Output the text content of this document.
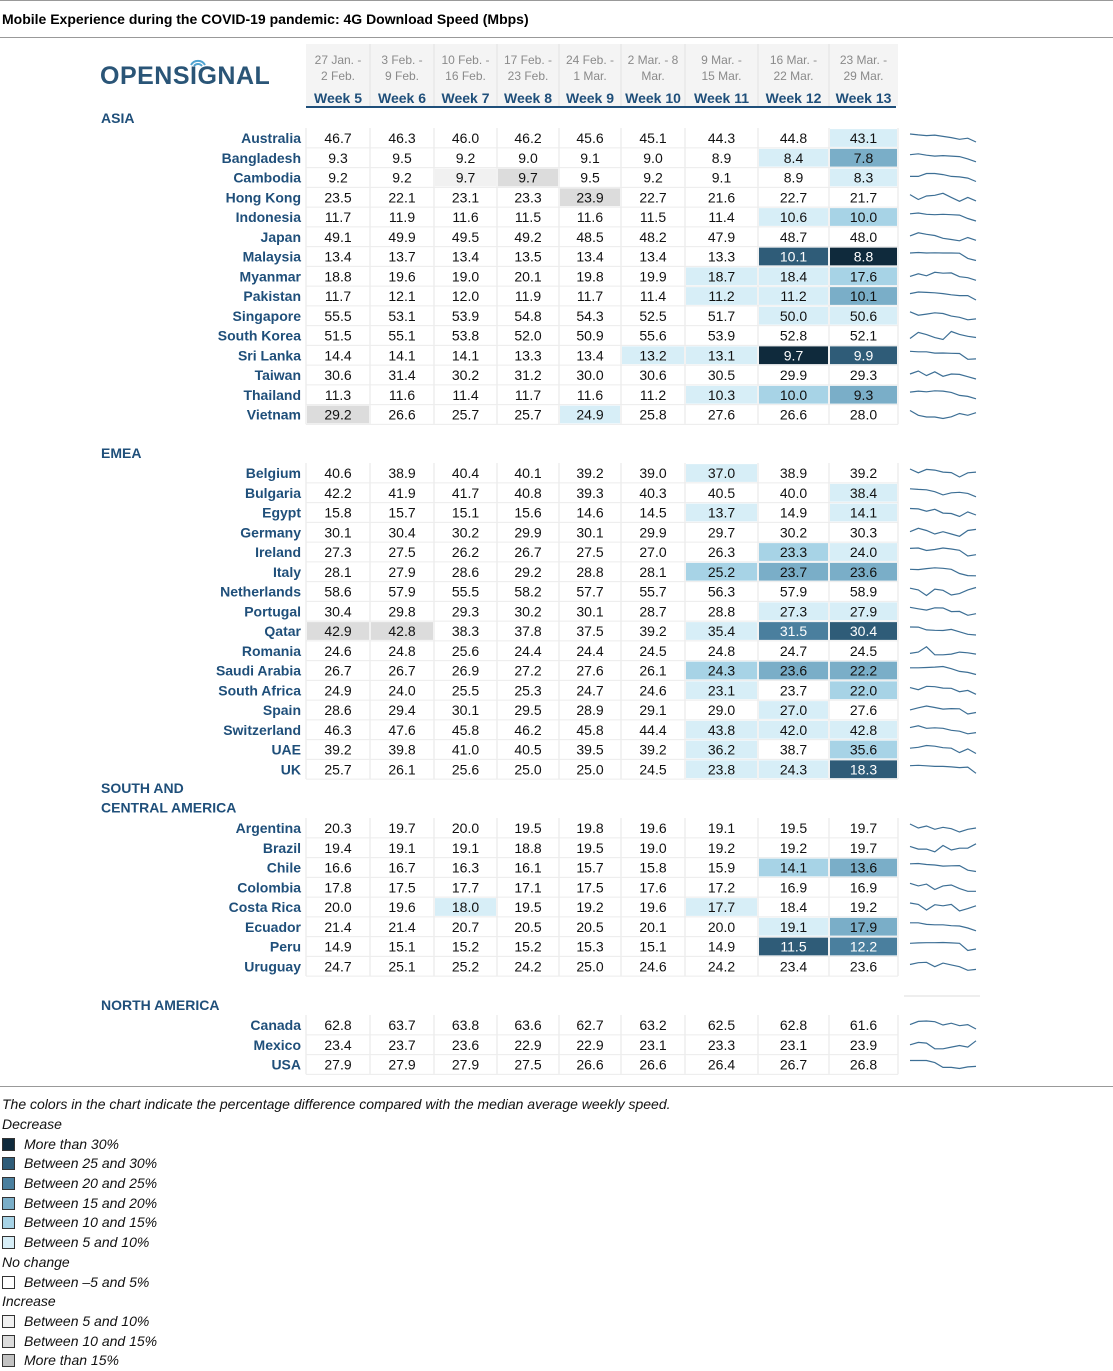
Mobile Experience during the COVID-19 pandemic: 4G Download Speed (Mbps)
OPENSIGNAL
27 Jan. -
2 Feb.
Week 5
3 Feb. -
9 Feb.
Week 6
10 Feb. -
16 Feb.
Week 7
17 Feb. -
23 Feb.
Week 8
24 Feb. -
1 Mar.
Week 9
2 Mar. - 8
Mar.
Week 10
9 Mar. -
15 Mar.
Week 11
16 Mar. -
22 Mar.
Week 12
23 Mar. -
29 Mar.
Week 13
ASIA
Australia 46.7	46.3	46.0	46.2 45.6	45.1	44.3	44.8	43.1
Bangladesh 9.3	9.5	9.2	9.0	9.1	9.0	8.9	8.4	7.8
Cambodia 9.2	9.2	9.7	9.7	9.5	9.2	9.1	8.9	8.3
Hong Kong 23.5	22.1	23.1	23.3 23.9	22.7	21.6	22.7	21.7
Indonesia 11.7	11.9	11.6	11.5	11.6	11.5	11.4	10.6	10.0
Japan 49.1	49.9	49.5	49.2 48.5	48.2	47.9	48.7	48.0
Malaysia 13.4	13.7	13.4	13.5 13.4	13.4	13.3	10.1	8.8
Myanmar 18.8	19.6	19.0	20.1 19.8	19.9	18.7	18.4	17.6
Pakistan 11.7	12.1	12.0	11.9	11.7	11.4	11.2	11.2	10.1
Singapore 55.5	53.1	53.9	54.8 54.3	52.5	51.7	50.0	50.6
South Korea 51.5	55.1	53.8	52.0 50.9	55.6	53.9	52.8	52.1
Sri Lanka 14.4	14.1	14.1	13.3 13.4	13.2	13.1	9.7	9.9
Taiwan 30.6	31.4	30.2	31.2 30.0	30.6	30.5	29.9	29.3
Thailand 11.3	11.6	11.4	11.7	11.6	11.2	10.3	10.0	9.3
Vietnam 29.2	26.6	25.7	25.7 24.9	25.8	27.6	26.6	28.0
EMEA
Belgium 40.6	38.9	40.4	40.1 39.2	39.0	37.0	38.9	39.2
Bulgaria 42.2	41.9	41.7	40.8 39.3	40.3	40.5	40.0	38.4
Egypt 15.8	15.7	15.1	15.6 14.6	14.5	13.7	14.9	14.1
Germany 30.1	30.4	30.2	29.9 30.1	29.9	29.7	30.2	30.3
Ireland 27.3	27.5	26.2	26.7 27.5	27.0	26.3	23.3	24.0
Italy 28.1	27.9	28.6	29.2 28.8	28.1	25.2	23.7	23.6
Netherlands 58.6	57.9	55.5	58.2 57.7	55.7	56.3	57.9	58.9
Portugal 30.4	29.8	29.3	30.2 30.1	28.7	28.8	27.3	27.9
Qatar 42.9	42.8	38.3	37.8 37.5	39.2	35.4	31.5	30.4
Romania 24.6	24.8	25.6	24.4 24.4	24.5	24.8	24.7	24.5
Saudi Arabia 26.7	26.7	26.9	27.2 27.6	26.1	24.3	23.6	22.2
South Africa 24.9	24.0	25.5	25.3 24.7	24.6	23.1	23.7	22.0
Spain 28.6	29.4	30.1	29.5 28.9	29.1	29.0	27.0	27.6
Switzerland 46.3	47.6	45.8	46.2 45.8	44.4	43.8	42.0	42.8
UAE 39.2	39.8	41.0	40.5 39.5	39.2	36.2	38.7	35.6
UK 25.7	26.1	25.6	25.0 25.0	24.5	23.8	24.3	18.3
SOUTH AND
CENTRAL AMERICA
Argentina 20.3	19.7	20.0	19.5 19.8	19.6	19.1	19.5	19.7
Brazil 19.4	19.1	19.1	18.8 19.5	19.0	19.2	19.2	19.7
Chile 16.6	16.7	16.3	16.1 15.7	15.8	15.9	14.1	13.6
Colombia 17.8	17.5	17.7	17.1 17.5	17.6	17.2	16.9	16.9
Costa Rica 20.0	19.6	18.0	19.5 19.2	19.6	17.7	18.4	19.2
Ecuador 21.4	21.4	20.7	20.5 20.5	20.1	20.0	19.1	17.9
Peru 14.9	15.1	15.2	15.2 15.3	15.1	14.9	11.5	12.2
Uruguay 24.7	25.1	25.2	24.2 25.0	24.6	24.2	23.4	23.6
NORTH AMERICA
Canada 62.8	63.7	63.8	63.6 62.7	63.2	62.5	62.8	61.6
Mexico 23.4	23.7	23.6	22.9 22.9	23.1	23.3	23.1	23.9
USA 27.9	27.9	27.9	27.5 26.6	26.6	26.4	26.7	26.8
The colors in the chart indicate the percentage difference compared with the median average weekly speed.
Decrease
More than 30%
Between 25 and 30%
Between 20 and 25%
Between 15 and 20%
Between 10 and 15%
Between 5 and 10%
No change
Between –5 and 5%
Increase
Between 5 and 10%
Between 10 and 15%
More than 15%
